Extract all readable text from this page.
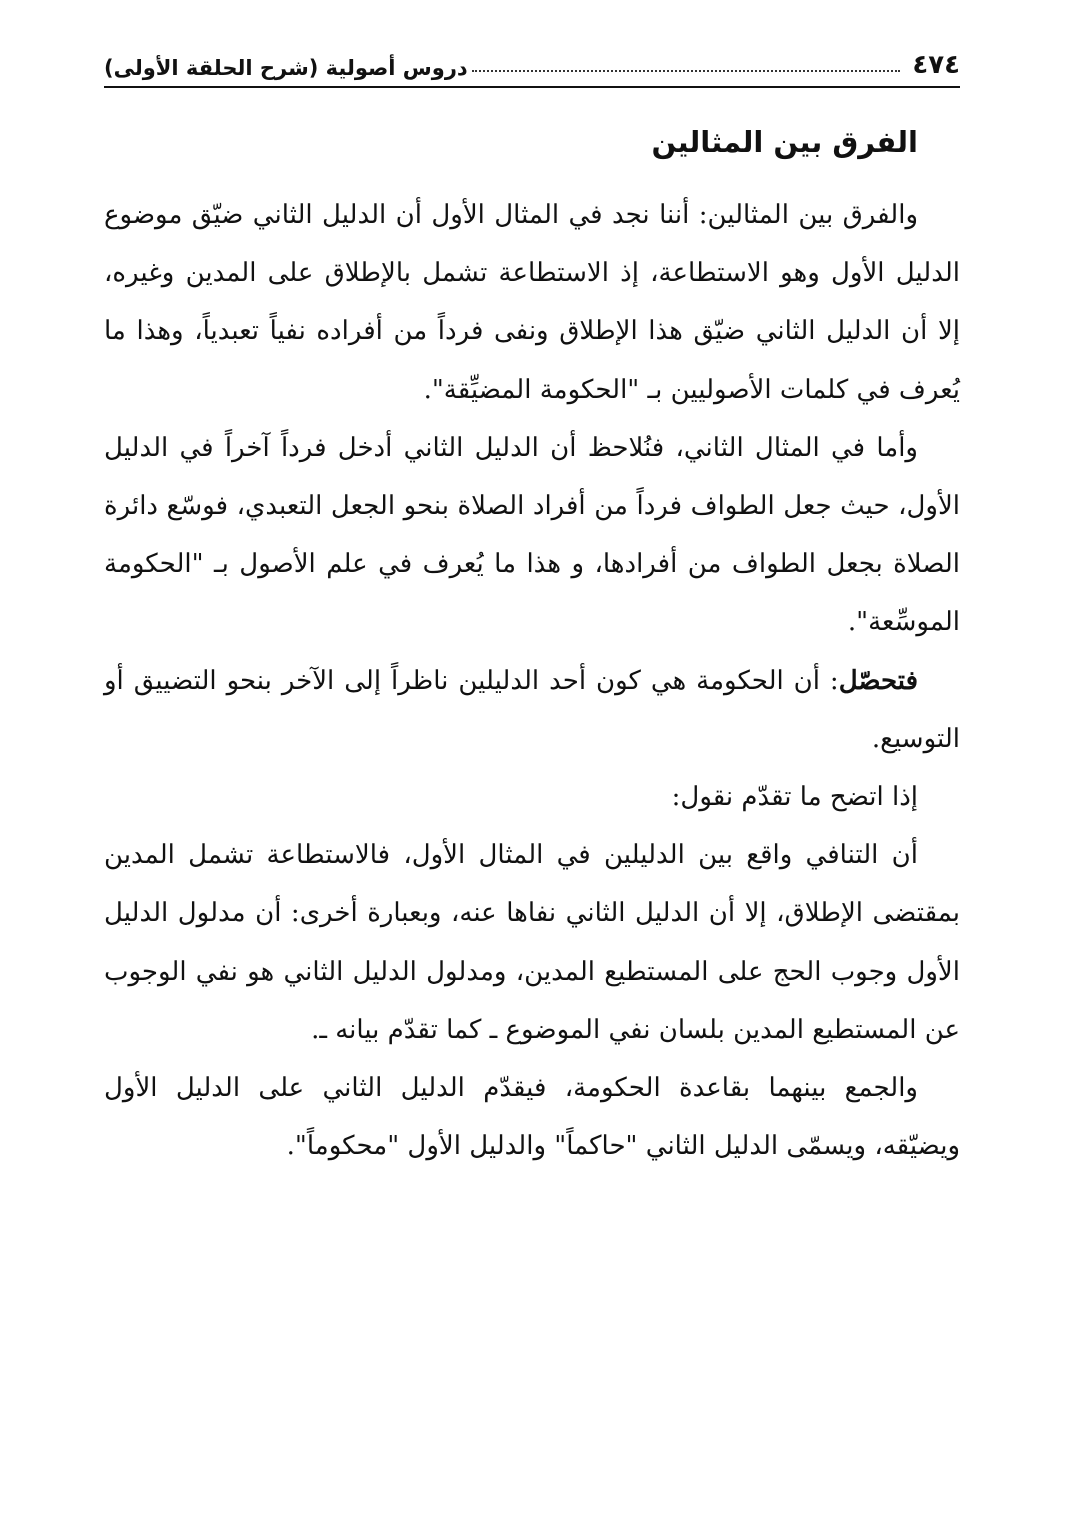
٤٧٤
دروس أصولية (شرح الحلقة الأولى)
الفرق بين المثالين

والفرق بين المثالين: أننا نجد في المثال الأول أن الدليل الثاني ضيّق موضوع الدليل الأول وهو الاستطاعة، إذ الاستطاعة تشمل بالإطلاق على المدين وغيره، إلا أن الدليل الثاني ضيّق هذا الإطلاق ونفى فرداً من أفراده نفياً تعبدياً، وهذا ما يُعرف في كلمات الأصوليين بـ "الحكومة المضيِّقة".

وأما في المثال الثاني، فنُلاحظ أن الدليل الثاني أدخل فرداً آخراً في الدليل الأول، حيث جعل الطواف فرداً من أفراد الصلاة بنحو الجعل التعبدي، فوسّع دائرة الصلاة بجعل الطواف من أفرادها، و هذا ما يُعرف في علم الأصول بـ "الحكومة الموسِّعة".

فتحصّل: أن الحكومة هي كون أحد الدليلين ناظراً إلى الآخر بنحو التضييق أو التوسيع.

إذا اتضح ما تقدّم نقول:

أن التنافي واقع بين الدليلين في المثال الأول، فالاستطاعة تشمل المدين بمقتضى الإطلاق، إلا أن الدليل الثاني نفاها عنه، وبعبارة أخرى: أن مدلول الدليل الأول وجوب الحج على المستطيع المدين، ومدلول الدليل الثاني هو نفي الوجوب عن المستطيع المدين بلسان نفي الموضوع ـ كما تقدّم بيانه ـ.

والجمع بينهما بقاعدة الحكومة، فيقدّم الدليل الثاني على الدليل الأول ويضيّقه، ويسمّى الدليل الثاني "حاكماً" والدليل الأول "محكوماً".
